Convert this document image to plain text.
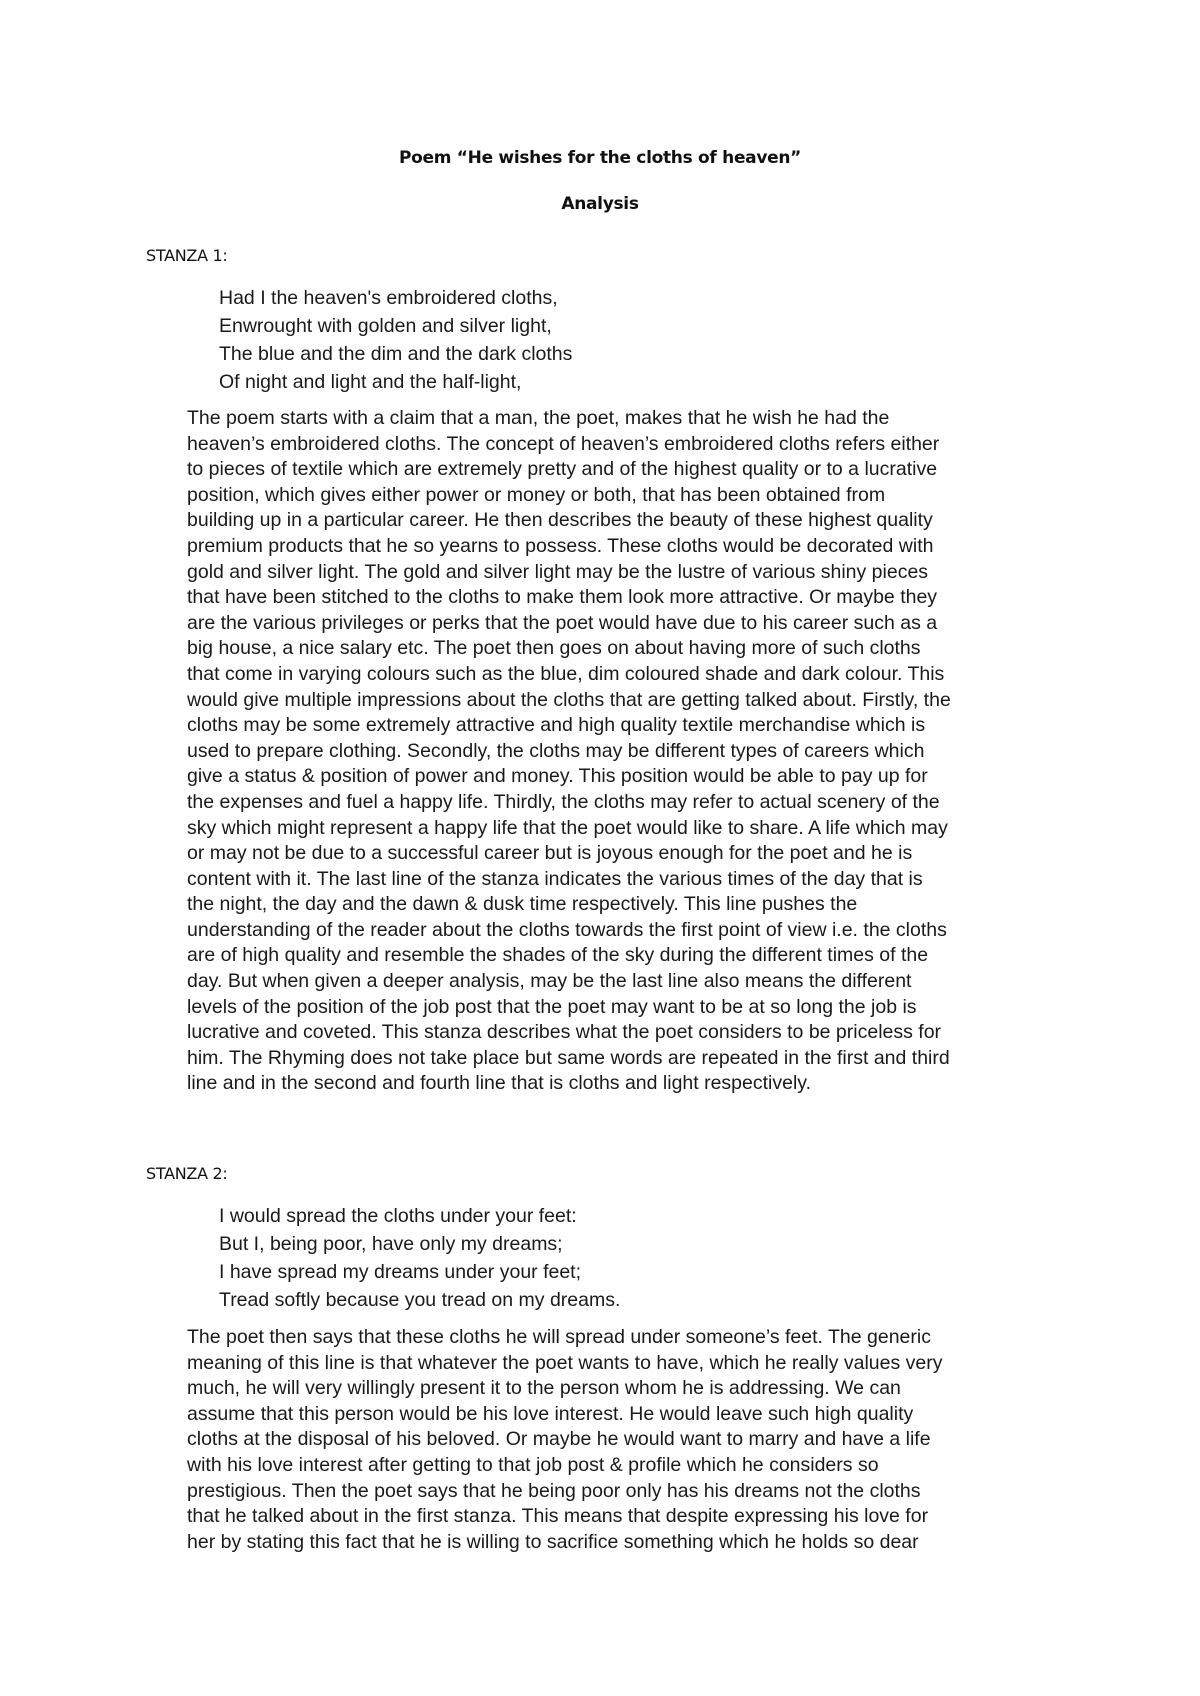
Poem “He wishes for the cloths of heaven”
Analysis
STANZA 1:
Had I the heaven's embroidered cloths,
Enwrought with golden and silver light,
The blue and the dim and the dark cloths
Of night and light and the half-light,
The poem starts with a claim that a man, the poet, makes that he wish he had the
heaven’s embroidered cloths. The concept of heaven’s embroidered cloths refers either
to pieces of textile which are extremely pretty and of the highest quality or to a lucrative
position, which gives either power or money or both, that has been obtained from
building up in a particular career. He then describes the beauty of these highest quality
premium products that he so yearns to possess. These cloths would be decorated with
gold and silver light. The gold and silver light may be the lustre of various shiny pieces
that have been stitched to the cloths to make them look more attractive. Or maybe they
are the various privileges or perks that the poet would have due to his career such as a
big house, a nice salary etc. The poet then goes on about having more of such cloths
that come in varying colours such as the blue, dim coloured shade and dark colour. This
would give multiple impressions about the cloths that are getting talked about. Firstly, the
cloths may be some extremely attractive and high quality textile merchandise which is
used to prepare clothing. Secondly, the cloths may be different types of careers which
give a status & position of power and money. This position would be able to pay up for
the expenses and fuel a happy life. Thirdly, the cloths may refer to actual scenery of the
sky which might represent a happy life that the poet would like to share. A life which may
or may not be due to a successful career but is joyous enough for the poet and he is
content with it. The last line of the stanza indicates the various times of the day that is
the night, the day and the dawn & dusk time respectively. This line pushes the
understanding of the reader about the cloths towards the first point of view i.e. the cloths
are of high quality and resemble the shades of the sky during the different times of the
day. But when given a deeper analysis, may be the last line also means the different
levels of the position of the job post that the poet may want to be at so long the job is
lucrative and coveted. This stanza describes what the poet considers to be priceless for
him. The Rhyming does not take place but same words are repeated in the first and third
line and in the second and fourth line that is cloths and light respectively.
STANZA 2:
I would spread the cloths under your feet:
But I, being poor, have only my dreams;
I have spread my dreams under your feet;
Tread softly because you tread on my dreams.
The poet then says that these cloths he will spread under someone’s feet. The generic
meaning of this line is that whatever the poet wants to have, which he really values very
much, he will very willingly present it to the person whom he is addressing. We can
assume that this person would be his love interest. He would leave such high quality
cloths at the disposal of his beloved. Or maybe he would want to marry and have a life
with his love interest after getting to that job post & profile which he considers so
prestigious. Then the poet says that he being poor only has his dreams not the cloths
that he talked about in the first stanza. This means that despite expressing his love for
her by stating this fact that he is willing to sacrifice something which he holds so dear
